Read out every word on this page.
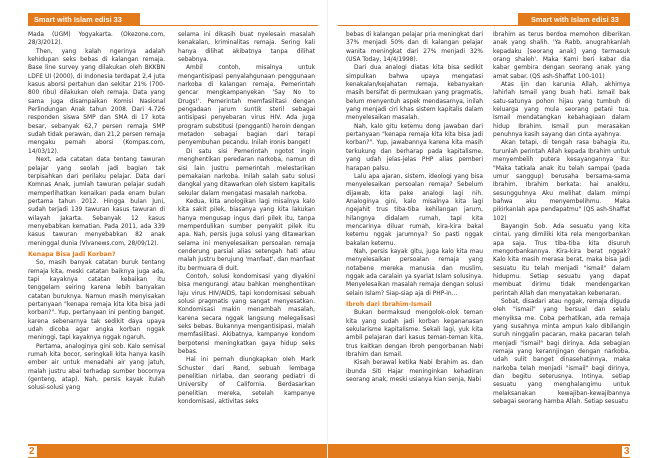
Smart with Islam edisi 33

Mada (UGM) Yogyakarta. (Okezone.com, 28/3/2012).

Then, yang kalah ngerinya adalah kehidupan seks bebas di kalangan remaja. Base line survey yang dilakukan oleh BKKBN LDFE UI (2000), di Indonesia terdapat 2,4 juta kasus aborsi pertahun dan sekitar 21% (700-800 ribu) dilakukan oleh remaja. Data yang sama juga disampaikan Komisi Nasional Perlindungan Anak tahun 2008. Dari 4.726 responden siswa SMP dan SMA di 17 kota besar, sebanyak 62,7 persen remaja SMP sudah tidak perawan, dan 21,2 persen remaja mengaku pernah aborsi (Kompas.com, 14/03/12).

Next, ada catatan data tentang tawuran pelajar yang seolah jadi bagian tak terpisahkan dari perilaku pelajar. Data dari Komnas Anak, jumlah tawuran pelajar sudah memperlihatkan kenaikan pada enam bulan pertama tahun 2012. Hingga bulan Juni, sudah terjadi 139 tawuran kasus tawuran di wilayah Jakarta. Sebanyak 12 kasus menyebabkan kematian. Pada 2011, ada 339 kasus tawuran menyebabkan 82 anak meninggal dunia (Vivanews.com, 28/09/12).

Kenapa Bisa Jadi Korban?

So, masih banyak catatan buruk tentang remaja kita, meski catatan baiknya juga ada, tapi kayaknya catatan kebaikan itu tenggelam seiring karena lebih banyakan catatan buruknya. Namun masih menyisakan pertanyaan "kenapa remaja kita kita bisa jadi korban?". Yup, pertanyaan ini penting banget, karena sebenarnya tak sedikit daya upaya udah dicoba agar angka korban nggak meninggi, tapi kayaknya nggak ngaruh.

Pertama, analoginya gini sob. Kalo semisal rumah kita bocor, seringkali kita hanya kasih ember air untuk menadahi air yang jatuh, malah justru abai terhadap sumber bocornya (genteng, atap). Nah, persis kayak itulah solusi-solusi yang

selama ini dikasih buat nyelesain masalah kenakalan, kriminalitas remaja. Sering kali hanya dilihat akibatnya tanpa dilihat sebabnya.

Ambil contoh, misalnya untuk mengantisipasi penyalahgunaan penggunaan narkoba di kalangan remaja, Pemerintah gencar mengkampanyekan 'Say No to Drugs!'. Pemerintah memfasilitasi dengan pengadaan jarum suntik steril sebagai antisipasi penyebaran virus HIV. Ada juga program substitusi (pengganti) heroin dengan metadon sebagai bagian dari terapi penyembuhan pecandu. Inilah ironis banget!

Di satu sisi Pemerintah ngotot ingin menghentikan peredaran narkoba, namun di sisi lain justru pemerintah melestarikan pemakaian narkoba. Inilah salah satu solusi dangkal yang ditawarkan oleh sistem kapitalis sekular dalam mengatasi masalah narkoba.

Kedua, kita anologikan lagi misalnya kalo kita sakit pilek, biasanya yang kita lakukan hanya mengusap ingus dari pilek itu, tanpa memperdulikan sumber penyakit pilek itu apa. Nah, persis juga solusi yang ditawarkan selama ini menyelesaikan persoalan remaja cenderung parsial alias setengah hati atau malah justru berujung 'manfaat', dan manfaat itu bermuara di duit.

Contoh, solusi kondomisasi yang diyakini bisa mengurangi atau bahkan menghentikan laju virus HIV/AIDS, tapi kondomisasi sebuah solusi pragmatis yang sangat menyesatkan. Kondomisasi makin menambah masalah, karena secara nggak langsung melegalisasi seks bebas. Bukannya mengantisipasi, malah memfasilitasi. Akibatnya, kampanye kondom berpotensi meningkatkan gaya hidup seks bebas.

Hal ini pernah diungkapkan oleh Mark Schuster dari Rand, sebuah lembaga penelitian nirlaba, dan seorang pediatri di University of California. Berdasarkan penelitian mereka, setelah kampanye kondomisasi, aktivitas seks

2
Smart with Islam edisi 33

bebas di kalangan pelajar pria meningkat dari 37% menjadi 50% dan di kalangan pelajar wanita meningkat dari 27% menjadi 32% (USA Today, 14/4/1998).

Dari dua analogi diatas kita bisa sedikit simpulkan bahwa upaya mengatasi kenakalan/kejahatan remaja, kebanyakan masih bersifat di permukaan yang pragmatis, belum menyentuh aspek mendasarnya, inilah yang menjadi ciri khas sistem kapitalis dalam menyelesaikan masalah.

Nah, kalo gitu ketemu dong jawaban dari pertanyaan "kenapa remaja kita kita bisa jadi korban?". Yup, jawabannya karena kita masih terkukung dan berharap pada kapitalisme, yang udah jelas-jelas PHP alias pemberi harapan palsu.

Lalu apa ajaran, sistem, ideologi yang bisa menyelesaikan persoalan remaja? Sebelum dijawab, kita pake analogi lagi nih. Analoginya gini, kalo misalnya kita lagi ngejahit trus tiba-tiba kehilangan jarum, hilangnya didalam rumah, tapi kita mencarinya diluar rumah, kira-kira bakal ketemu nggak jarumnya? So pasti nggak bakalan ketemu.

Nah, persis kayak gitu, juga kalo kita mau menyelesaikan persoalan remaja yang notabene mereka manusia dan muslim, nggak ada caralain ya syariat Islam solusinya. Menyelesaikan masalah remaja dengan solusi selain Islam? Siap-siap aja di PHP-in...

Ibroh dari Ibrahim-Ismail

Bukan bermaksud mengolok-olok teman kita yang sudah jadi korban kegananasan sekularisme kapitalisme. Sekali lagi, yuk kita ambil pelajaran dari kasus teman-teman kita, trus kaitkan dengan Ibroh pengorbanan Nabi Ibrahim dan Ismail.

Kisah berawal ketika Nabi Ibrahim as. dan ibunda Siti Hajar meninginkan kehadiran seorang anak, meski usianya kian senja, Nabi

Ibrahim as terus berdoa memohon diberikan anak yang shalih. 'Ya Rabb, anugrahkanlah kepadaku [seorang anak] yang termasuk orang shaleh'. Maka Kami beri kabar dia kabar gembira dengan seorang anak yang amat sabar. (QS ash-Shaffat 100-101)

Atas ijin dan karunia Allah, akhirnya lahirlah Ismail yang buah hati. Ismail bak satu-satunya pohon hijau yang tumbuh di keluarga yang mula seorang petani tua. Ismail mendatangkan kebahagiaan dalam hidup Ibrahim. Ismail pun merasakan penuhnya kasih sayang dan cinta ayahnya.

Akan tetapi, di tengah rasa bahagia itu, turunlah perintah Allah kepada Ibrahim untuk menyembelih putera kesayangannya itu: "Maka tatkala anak itu telah sampai (pada umur sanggup) berusaha bersama-sama Ibrahim, Ibrahim berkata: hai anakku, sesungguhnya Aku melihat dalam mimpi bahwa aku menyembelihmu. Maka pikirkanlah apa pendapatmu" (QS ash-Shaffat 102)

Bayangin Sob. Ada sesuatu yang kita cintai, yang dimiliki kita rela mengorbankan apa saja. Trus tiba-tiba kita disuruh mengorbankannya. Kira-kira berat nggak? Kalo kita masih merasa berat, maka bisa jadi sesuatu itu telah menjadi "ismail" dalam hidupmu. Setiap sesuatu yang dapat membuat dirimu tidak mendengarkan perintah Allah dan menyatakan kebenaran.

Sobat, disadari atau nggak, remaja diguda oleh "ismail" yang bersual dan selalu menyiksa me. Coba perhatikan, ada remaja yang susahnya minta ampun kalo dibilangin suruh ninggalin pacaran, maka pacaran telah menjadi "ismail" bagi dirinya. Ada sebagian remaja yang kerannjingan dengan narkoba, udah sulit banget dinasehatinnya, maka narkoba telah menjadi "ismail" bagi dirinya, dan begitu seterusnya. Intinya, setiap sesuatu yang menghalangimu untuk melaksanakan kewajiban-kewajibannya sebagai seorang hamba Allah. Setiap sesuatu

3
